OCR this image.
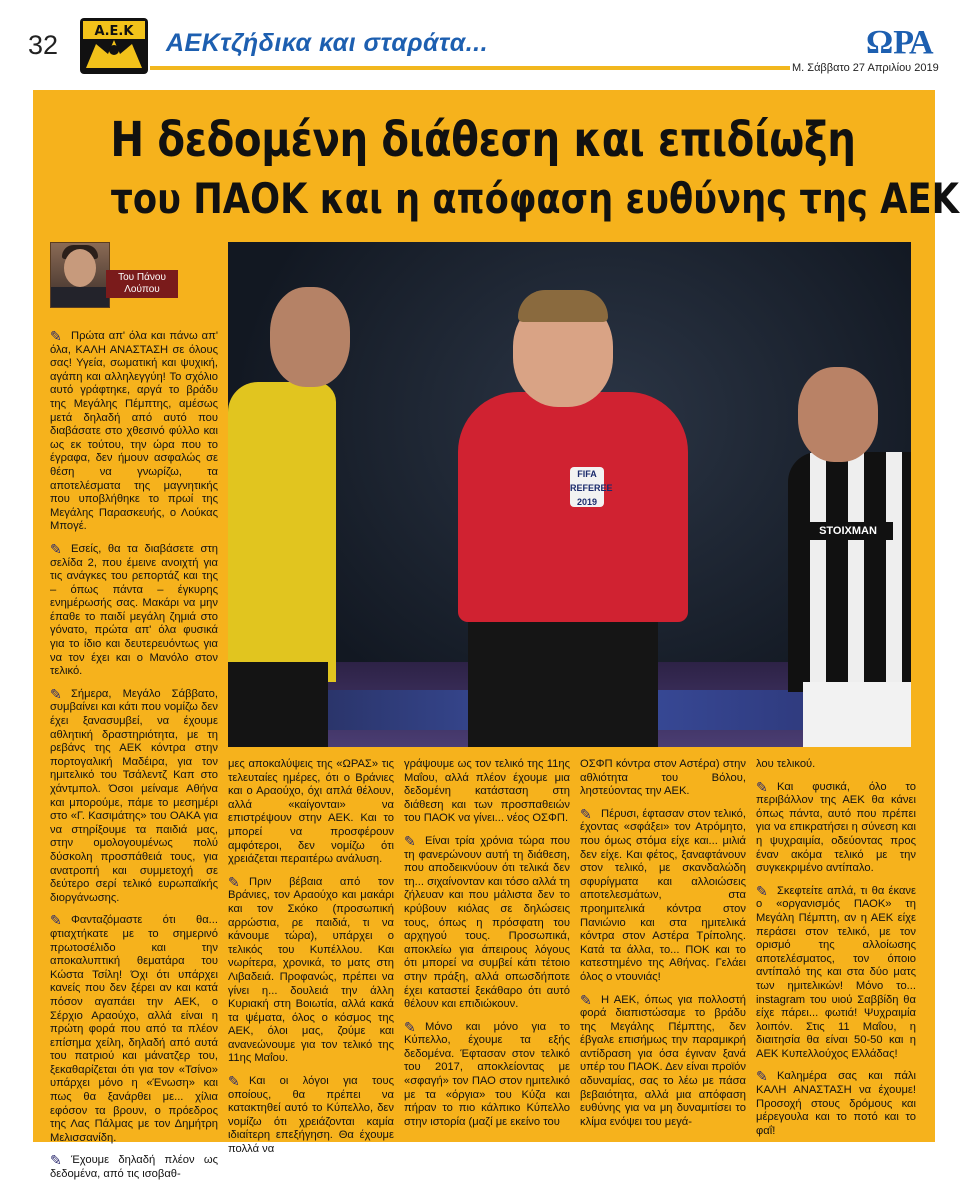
32	Α.Ε.Κ ΑΕΚτζήδικα και σταράτα...	ΩΡΑ
Μ. Σάββατο 27 Απριλίου 2019
Η δεδομένη διάθεση και επιδίωξη
του ΠΑΟΚ και η απόφαση ευθύνης της ΑΕΚ
Του Πάνου Λούπου
FIFA REFEREE 2019
STOIXMAN

✎Πρώτα απ' όλα και πάνω απ' όλα, ΚΑΛΗ ΑΝΑΣΤΑΣΗ σε όλους σας! Υγεία, σωματική και ψυχική, αγάπη και αλληλεγγύη! Το σχόλιο αυτό γράφτηκε, αργά το βράδυ της Μεγάλης Πέμπτης, αμέσως μετά δηλαδή από αυτό που διαβάσατε στο χθεσινό φύλλο και ως εκ τούτου, την ώρα που το έγραφα, δεν ήμουν ασφαλώς σε θέση να γνωρίζω, τα αποτελέσματα της μαγνητικής που υποβλήθηκε το πρωί της Μεγάλης Παρασκευής, ο Λούκας Μπογέ.

✎Εσείς, θα τα διαβάσετε στη σελίδα 2, που έμεινε ανοιχτή για τις ανάγκες του ρεπορτάζ και της – όπως πάντα – έγκυρης ενημέρωσής σας. Μακάρι να μην έπαθε το παιδί μεγάλη ζημιά στο γόνατο, πρώτα απ' όλα φυσικά για το ίδιο και δευτερευόντως για να τον έχει και ο Μανόλο στον τελικό.

✎Σήμερα, Μεγάλο Σάββατο, συμβαίνει και κάτι που νομίζω δεν έχει ξανασυμβεί, να έχουμε αθλητική δραστηριότητα, με τη ρεβάνς της ΑΕΚ κόντρα στην πορτογαλική Μαδέιρα, για τον ημιτελικό του Τσάλεντζ Καπ στο χάντμπολ. Όσοι μείναμε Αθήνα και μπορούμε, πάμε το μεσημέρι στο «Γ. Κασιμάτης» του ΟΑΚΑ για να στηρίξουμε τα παιδιά μας, στην ομολογουμένως πολύ δύσκολη προσπάθειά τους, για ανατροπή και συμμετοχή σε δεύτερο σερί τελικό ευρωπαϊκής διοργάνωσης.

✎Φανταζόμαστε ότι θα... φτιαχτήκατε με το σημερινό πρωτοσέλιδο και την αποκαλυπτική θεματάρα του Κώστα Τσίλη! Όχι ότι υπάρχει κανείς που δεν ξέρει αν και κατά πόσον αγαπάει την ΑΕΚ, ο Σέρχιο Αραούχο, αλλά είναι η πρώτη φορά που από τα πλέον επίσημα χείλη, δηλαδή από αυτά του πατριού και μάνατζερ του, ξεκαθαρίζεται ότι για τον «Τσίνο» υπάρχει μόνο η «Ένωση» και πως θα ξανάρθει με... χίλια εφόσον τα βρουν, ο πρόεδρος της Λας Πάλμας με τον Δημήτρη Μελισσανίδη.

✎Έχουμε δηλαδή πλέον ως δεδομένα, από τις ισοβαθ-

μες αποκαλύψεις της «ΩΡΑΣ» τις τελευταίες ημέρες, ότι ο Βράνιες και ο Αραούχο, όχι απλά θέλουν, αλλά «καίγονται» να επιστρέψουν στην ΑΕΚ. Και το μπορεί να προσφέρουν αμφότεροι, δεν νομίζω ότι χρειάζεται περαιτέρω ανάλυση.

✎Πριν βέβαια από τον Βράνιες, τον Αραούχο και μακάρι και τον Σκόκο (προσωπική αρρώστια, ρε παιδιά, τι να κάνουμε τώρα), υπάρχει ο τελικός του Κυπέλλου. Και νωρίτερα, χρονικά, το ματς στη Λιβαδειά. Προφανώς, πρέπει να γίνει η... δουλειά την άλλη Κυριακή στη Βοιωτία, αλλά κακά τα ψέματα, όλος ο κόσμος της ΑΕΚ, όλοι μας, ζούμε και ανανεώνουμε για τον τελικό της 11ης Μαΐου.

✎Και οι λόγοι για τους οποίους, θα πρέπει να κατακτηθεί αυτό το Κύπελλο, δεν νομίζω ότι χρειάζονται καμία ιδιαίτερη επεξήγηση. Θα έχουμε πολλά να

γράψουμε ως τον τελικό της 11ης Μαΐου, αλλά πλέον έχουμε μια δεδομένη κατάσταση στη διάθεση και των προσπαθειών του ΠΑΟΚ να γίνει... νέος ΟΣΦΠ.

✎Είναι τρία χρόνια τώρα που τη φανερώνουν αυτή τη διάθεση, που αποδεικνύουν ότι τελικά δεν τη... σιχαίνονταν και τόσο αλλά τη ζήλευαν και που μάλιστα δεν το κρύβουν κιόλας σε δηλώσεις τους, όπως η πρόσφατη του αρχηγού τους. Προσωπικά, αποκλείω για άπειρους λόγους ότι μπορεί να συμβεί κάτι τέτοιο στην πράξη, αλλά οπωσδήποτε έχει καταστεί ξεκάθαρο ότι αυτό θέλουν και επιδιώκουν.

✎Μόνο και μόνο για το Κύπελλο, έχουμε τα εξής δεδομένα. Έφτασαν στον τελικό του 2017, αποκλείοντας με «σφαγή» τον ΠΑΟ στον ημιτελικό με τα «όργια» του Κύζα και πήραν το πιο κάλπικο Κύπελλο στην ιστορία (μαζί με εκείνο του

ΟΣΦΠ κόντρα στον Αστέρα) στην αθλιότητα του Βόλου, ληστεύοντας την ΑΕΚ.

✎Πέρυσι, έφτασαν στον τελικό, έχοντας «σφάξει» τον Ατρόμητο, που όμως στόμα είχε και... μιλιά δεν είχε. Και φέτος, ξαναφτάνουν στον τελικό, με σκανδαλώδη σφυρίγματα και αλλοιώσεις αποτελεσμάτων, στα προημιτελικά κόντρα στον Πανιώνιο και στα ημιτελικά κόντρα στον Αστέρα Τρίπολης. Κατά τα άλλα, το... ΠΟΚ και το κατεστημένο της Αθήνας. Γελάει όλος ο ντουνιάς!

✎Η ΑΕΚ, όπως για πολλοστή φορά διαπιστώσαμε το βράδυ της Μεγάλης Πέμπτης, δεν έβγαλε επισήμως την παραμικρή αντίδραση για όσα έγιναν ξανά υπέρ του ΠΑΟΚ. Δεν είναι προϊόν αδυναμίας, σας το λέω με πάσα βεβαιότητα, αλλά μια απόφαση ευθύνης για να μη δυναμιτίσει το κλίμα ενόψει του μεγά-

λου τελικού.

✎Και φυσικά, όλο το περιβάλλον της ΑΕΚ θα κάνει όπως πάντα, αυτό που πρέπει για να επικρατήσει η σύνεση και η ψυχραιμία, οδεύοντας προς έναν ακόμα τελικό με την συγκεκριμένο αντίπαλο.

✎Σκεφτείτε απλά, τι θα έκανε ο «οργανισμός ΠΑΟΚ» τη Μεγάλη Πέμπτη, αν η ΑΕΚ είχε περάσει στον τελικό, με τον ορισμό της αλλοίωσης αποτελέσματος, τον όποιο αντίπαλό της και στα δύο ματς των ημιτελικών! Μόνο το... instagram του υιού Σαββίδη θα είχε πάρει... φωτιά! Ψυχραιμία λοιπόν. Στις 11 Μαΐου, η διαιτησία θα είναι 50-50 και η ΑΕΚ Κυπελλούχος Ελλάδας!

✎Καλημέρα σας και πάλι ΚΑΛΗ ΑΝΑΣΤΑΣΗ να έχουμε! Προσοχή στους δρόμους και μέρεγουλα και το ποτό και το φαΐ!
